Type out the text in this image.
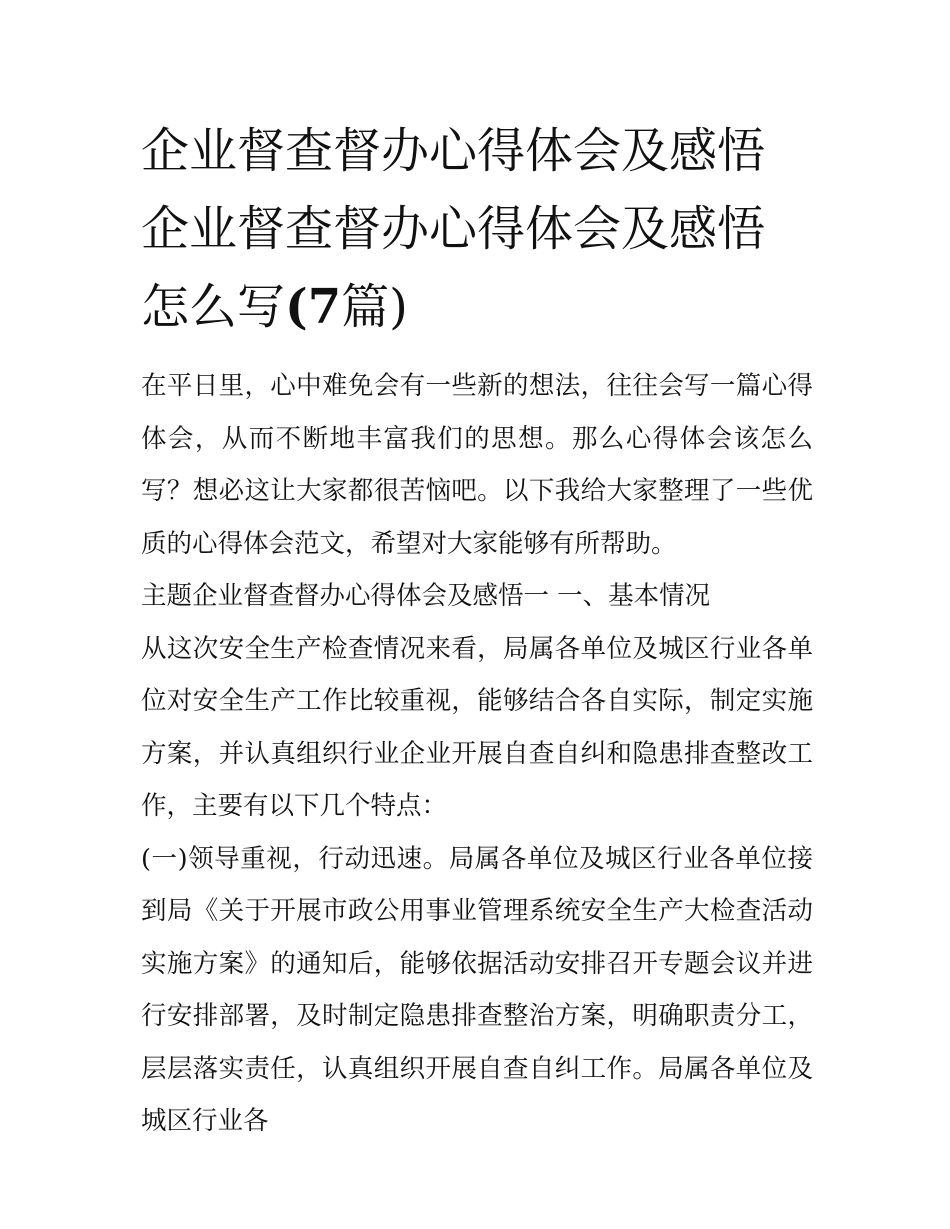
企业督查督办心得体会及感悟
企业督查督办心得体会及感悟
怎么写(7篇)

在平日里，心中难免会有一些新的想法，往往会写一篇心得体会，从而不断地丰富我们的思想。那么心得体会该怎么写？想必这让大家都很苦恼吧。以下我给大家整理了一些优质的心得体会范文，希望对大家能够有所帮助。

主题企业督查督办心得体会及感悟一 一、基本情况

从这次安全生产检查情况来看，局属各单位及城区行业各单位对安全生产工作比较重视，能够结合各自实际，制定实施方案，并认真组织行业企业开展自查自纠和隐患排查整改工作，主要有以下几个特点：

(一)领导重视，行动迅速。局属各单位及城区行业各单位接到局《关于开展市政公用事业管理系统安全生产大检查活动实施方案》的通知后，能够依据活动安排召开专题会议并进行安排部署，及时制定隐患排查整治方案，明确职责分工，层层落实责任，认真组织开展自查自纠工作。局属各单位及城区行业各
